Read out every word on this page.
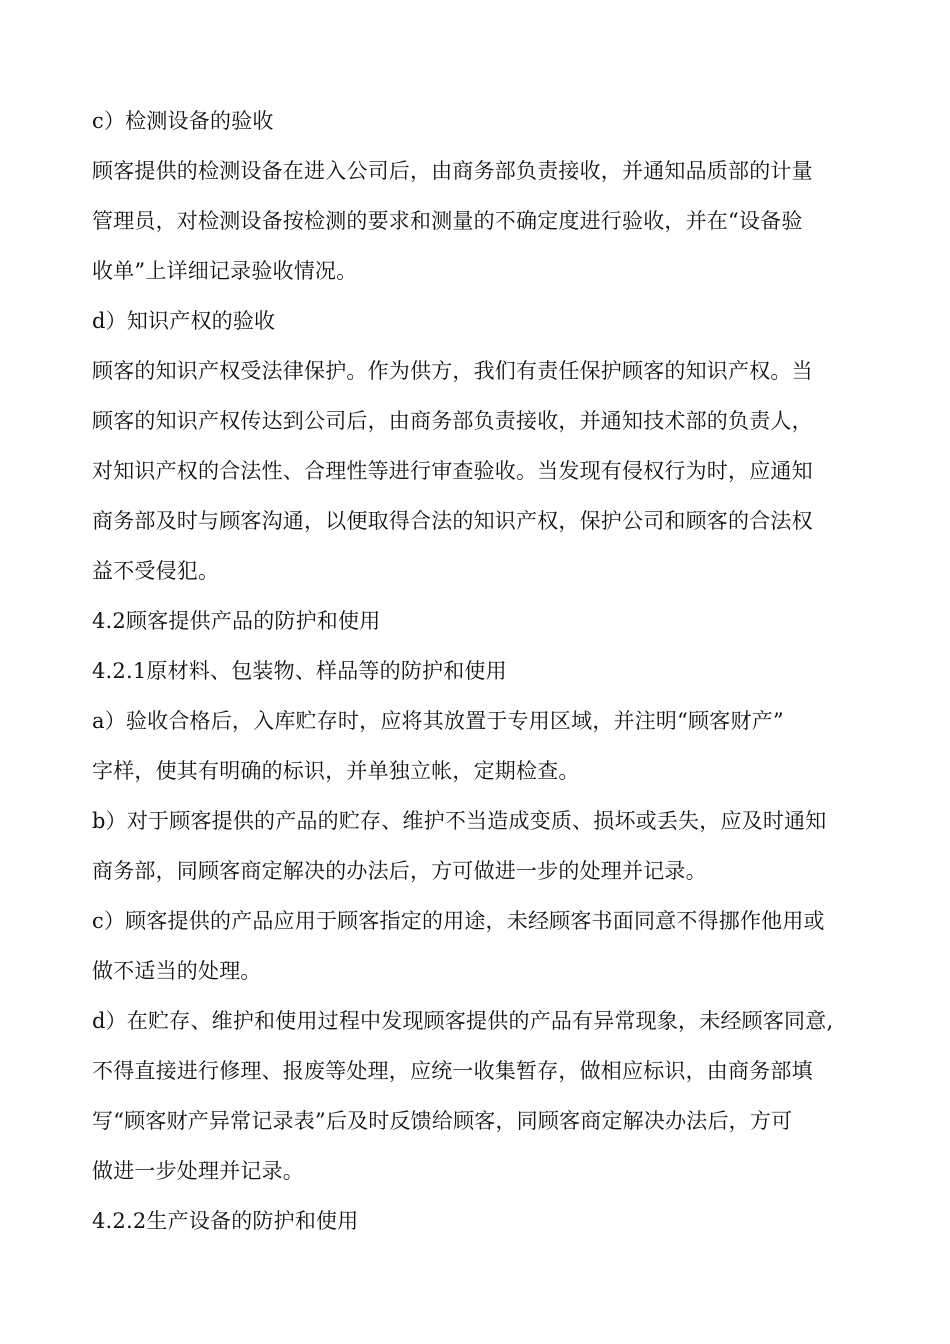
c）检测设备的验收
顾客提供的检测设备在进入公司后，由商务部负责接收，并通知品质部的计量
管理员，对检测设备按检测的要求和测量的不确定度进行验收，并在“设备验
收单”上详细记录验收情况。
d）知识产权的验收
顾客的知识产权受法律保护。作为供方，我们有责任保护顾客的知识产权。当
顾客的知识产权传达到公司后，由商务部负责接收，并通知技术部的负责人，
对知识产权的合法性、合理性等进行审查验收。当发现有侵权行为时，应通知
商务部及时与顾客沟通，以便取得合法的知识产权，保护公司和顾客的合法权
益不受侵犯。
4.2顾客提供产品的防护和使用
4.2.1原材料、包装物、样品等的防护和使用
a）验收合格后，入库贮存时，应将其放置于专用区域，并注明“顾客财产”
字样，使其有明确的标识，并单独立帐，定期检查。
b）对于顾客提供的产品的贮存、维护不当造成变质、损坏或丢失，应及时通知
商务部，同顾客商定解决的办法后，方可做进一步的处理并记录。
c）顾客提供的产品应用于顾客指定的用途，未经顾客书面同意不得挪作他用或
做不适当的处理。
d）在贮存、维护和使用过程中发现顾客提供的产品有异常现象，未经顾客同意,
不得直接进行修理、报废等处理，应统一收集暂存，做相应标识，由商务部填
写“顾客财产异常记录表”后及时反馈给顾客，同顾客商定解决办法后，方可
做进一步处理并记录。
4.2.2生产设备的防护和使用
